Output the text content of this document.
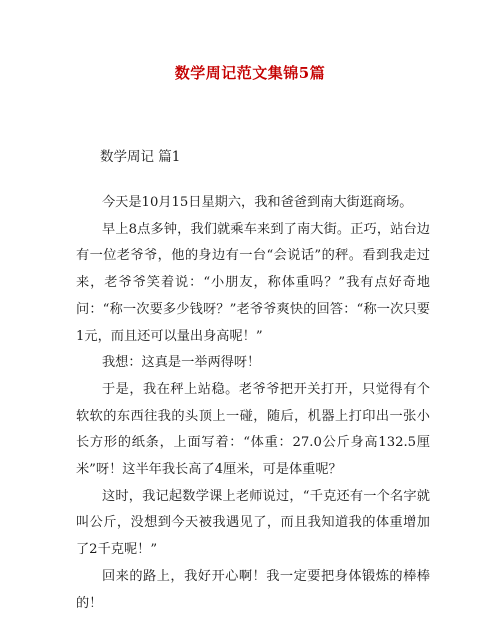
数学周记范文集锦5篇
数学周记 篇1

今天是10月15日星期六，我和爸爸到南大街逛商场。

早上8点多钟，我们就乘车来到了南大街。正巧，站台边有一位老爷爷，他的身边有一台“会说话”的秤。看到我走过来，老爷爷笑着说：“小朋友，称体重吗？”我有点好奇地问：“称一次要多少钱呀？”老爷爷爽快的回答：“称一次只要1元，而且还可以量出身高呢！”

我想：这真是一举两得呀！

于是，我在秤上站稳。老爷爷把开关打开，只觉得有个软软的东西往我的头顶上一碰，随后，机器上打印出一张小长方形的纸条，上面写着：“体重：27.0公斤身高132.5厘米”呀！这半年我长高了4厘米，可是体重呢？

这时，我记起数学课上老师说过，“千克还有一个名字就叫公斤，没想到今天被我遇见了，而且我知道我的体重增加了2千克呢！”

回来的路上，我好开心啊！我一定要把身体锻炼的棒棒的！
